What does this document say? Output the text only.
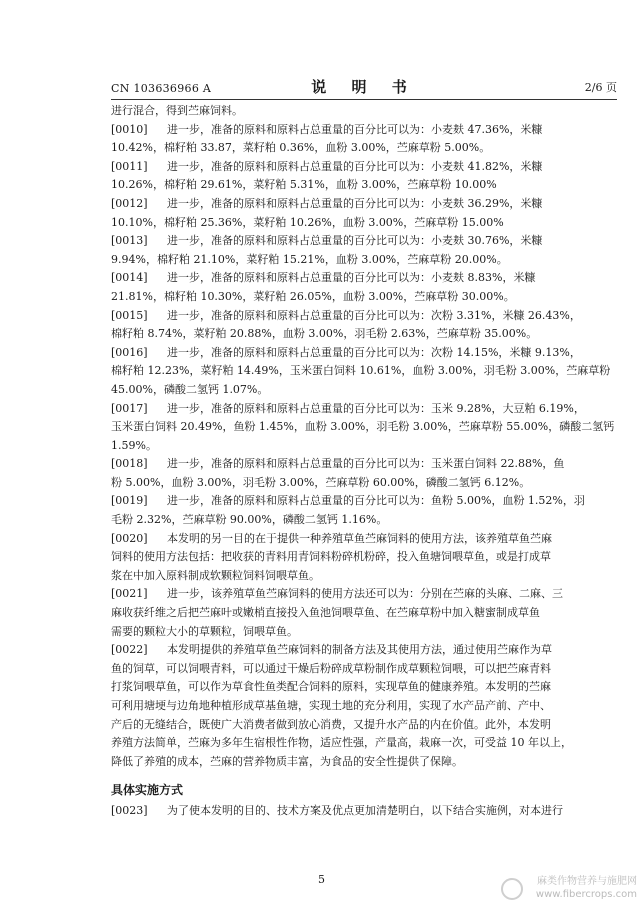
CN 103636966 A	说 明 书	2/6 页
进行混合，得到苎麻饲料。
[0010] 进一步，准备的原料和原料占总重量的百分比可以为：小麦麸 47.36%，米糠
10.42%，棉籽粕 33.87，菜籽粕 0.36%，血粉 3.00%，苎麻草粉 5.00%。
[0011] 进一步，准备的原料和原料占总重量的百分比可以为：小麦麸 41.82%，米糠
10.26%，棉籽粕 29.61%，菜籽粕 5.31%，血粉 3.00%，苎麻草粉 10.00%
[0012] 进一步，准备的原料和原料占总重量的百分比可以为：小麦麸 36.29%，米糠
10.10%，棉籽粕 25.36%，菜籽粕 10.26%，血粉 3.00%，苎麻草粉 15.00%
[0013] 进一步，准备的原料和原料占总重量的百分比可以为：小麦麸 30.76%，米糠
9.94%，棉籽粕 21.10%，菜籽粕 15.21%，血粉 3.00%，苎麻草粉 20.00%。
[0014] 进一步，准备的原料和原料占总重量的百分比可以为：小麦麸 8.83%，米糠
21.81%，棉籽粕 10.30%，菜籽粕 26.05%，血粉 3.00%，苎麻草粉 30.00%。
[0015] 进一步，准备的原料和原料占总重量的百分比可以为：次粉 3.31%，米糠 26.43%，
棉籽粕 8.74%，菜籽粕 20.88%，血粉 3.00%，羽毛粉 2.63%，苎麻草粉 35.00%。
[0016] 进一步，准备的原料和原料占总重量的百分比可以为：次粉 14.15%，米糠 9.13%，
棉籽粕 12.23%，菜籽粕 14.49%，玉米蛋白饲料 10.61%，血粉 3.00%，羽毛粉 3.00%，苎麻草粉
45.00%，磷酸二氢钙 1.07%。
[0017] 进一步，准备的原料和原料占总重量的百分比可以为：玉米 9.28%，大豆粕 6.19%，
玉米蛋白饲料 20.49%，鱼粉 1.45%，血粉 3.00%，羽毛粉 3.00%，苎麻草粉 55.00%，磷酸二氢钙
1.59%。
[0018] 进一步，准备的原料和原料占总重量的百分比可以为：玉米蛋白饲料 22.88%，鱼
粉 5.00%，血粉 3.00%，羽毛粉 3.00%，苎麻草粉 60.00%，磷酸二氢钙 6.12%。
[0019] 进一步，准备的原料和原料占总重量的百分比可以为：鱼粉 5.00%，血粉 1.52%，羽
毛粉 2.32%，苎麻草粉 90.00%，磷酸二氢钙 1.16%。
[0020] 本发明的另一目的在于提供一种养殖草鱼苎麻饲料的使用方法，该养殖草鱼苎麻
饲料的使用方法包括：把收获的青料用青饲料粉碎机粉碎，投入鱼塘饲喂草鱼，或是打成草
浆在中加入原料制成软颗粒饲料饲喂草鱼。
[0021] 进一步，该养殖草鱼苎麻饲料的使用方法还可以为：分别在苎麻的头麻、二麻、三
麻收获纤维之后把苎麻叶或嫩梢直接投入鱼池饲喂草鱼、在苎麻草粉中加入糖蜜制成草鱼
需要的颗粒大小的草颗粒，饲喂草鱼。
[0022] 本发明提供的养殖草鱼苎麻饲料的制备方法及其使用方法，通过使用苎麻作为草
鱼的饲草，可以饲喂青料，可以通过干燥后粉碎成草粉制作成草颗粒饲喂，可以把苎麻青料
打浆饲喂草鱼，可以作为草食性鱼类配合饲料的原料，实现草鱼的健康养殖。本发明的苎麻
可利用塘埂与边角地种植形成草基鱼塘，实现土地的充分利用，实现了水产品产前、产中、
产后的无缝结合，既使广大消费者做到放心消费，又提升水产品的内在价值。此外，本发明
养殖方法简单，苎麻为多年生宿根性作物，适应性强，产量高，栽麻一次，可受益 10 年以上，
降低了养殖的成本，苎麻的营养物质丰富，为食品的安全性提供了保障。
具体实施方式
[0023] 为了使本发明的目的、技术方案及优点更加清楚明白，以下结合实施例，对本进行
5	麻类作物营养与施肥网
www.fibercrops.com
